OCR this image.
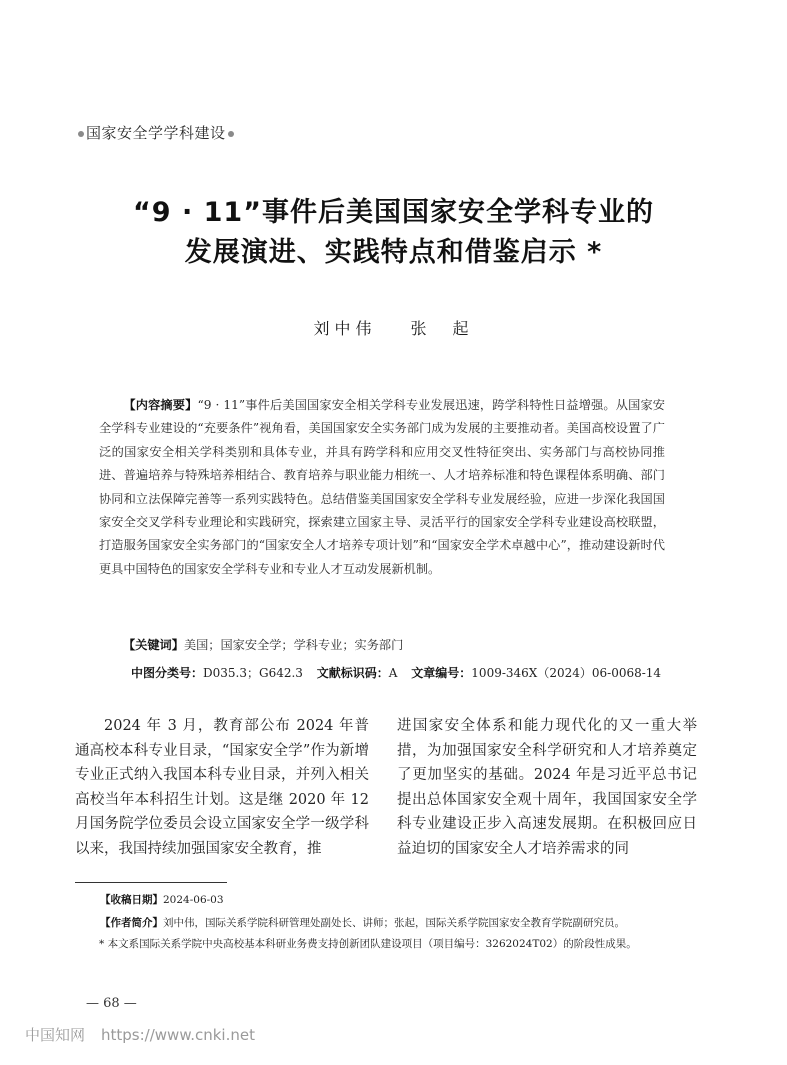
国家安全学学科建设
“9 · 11”事件后美国国家安全学科专业的
发展演进、实践特点和借鉴启示 *
刘中伟 张　起
【内容摘要】“9 · 11”事件后美国国家安全相关学科专业发展迅速，跨学科特性日益增强。从国家安全学科专业建设的“充要条件”视角看，美国国家安全实务部门成为发展的主要推动者。美国高校设置了广泛的国家安全相关学科类别和具体专业，并具有跨学科和应用交叉性特征突出、实务部门与高校协同推进、普遍培养与特殊培养相结合、教育培养与职业能力相统一、人才培养标准和特色课程体系明确、部门协同和立法保障完善等一系列实践特色。总结借鉴美国国家安全学科专业发展经验，应进一步深化我国国家安全交叉学科专业理论和实践研究，探索建立国家主导、灵活平行的国家安全学科专业建设高校联盟，打造服务国家安全实务部门的“国家安全人才培养专项计划”和“国家安全学术卓越中心”，推动建设新时代更具中国特色的国家安全学科专业和专业人才互动发展新机制。
【关键词】美国；国家安全学；学科专业；实务部门
中图分类号：D035.3；G642.3 文献标识码：A 文章编号：1009-346X（2024）06-0068-14
2024 年 3 月，教育部公布 2024 年普通高校本科专业目录，“国家安全学”作为新增专业正式纳入我国本科专业目录，并列入相关高校当年本科招生计划。这是继 2020 年 12 月国务院学位委员会设立国家安全学一级学科以来，我国持续加强国家安全教育，推
进国家安全体系和能力现代化的又一重大举措，为加强国家安全科学研究和人才培养奠定了更加坚实的基础。2024 年是习近平总书记提出总体国家安全观十周年，我国国家安全学科专业建设正步入高速发展期。在积极回应日益迫切的国家安全人才培养需求的同
【收稿日期】2024-06-03
【作者简介】刘中伟，国际关系学院科研管理处副处长、讲师；张起，国际关系学院国家安全教育学院副研究员。
* 本文系国际关系学院中央高校基本科研业务费支持创新团队建设项目（项目编号：3262024T02）的阶段性成果。
— 68 —
中国知网 https://www.cnki.net
